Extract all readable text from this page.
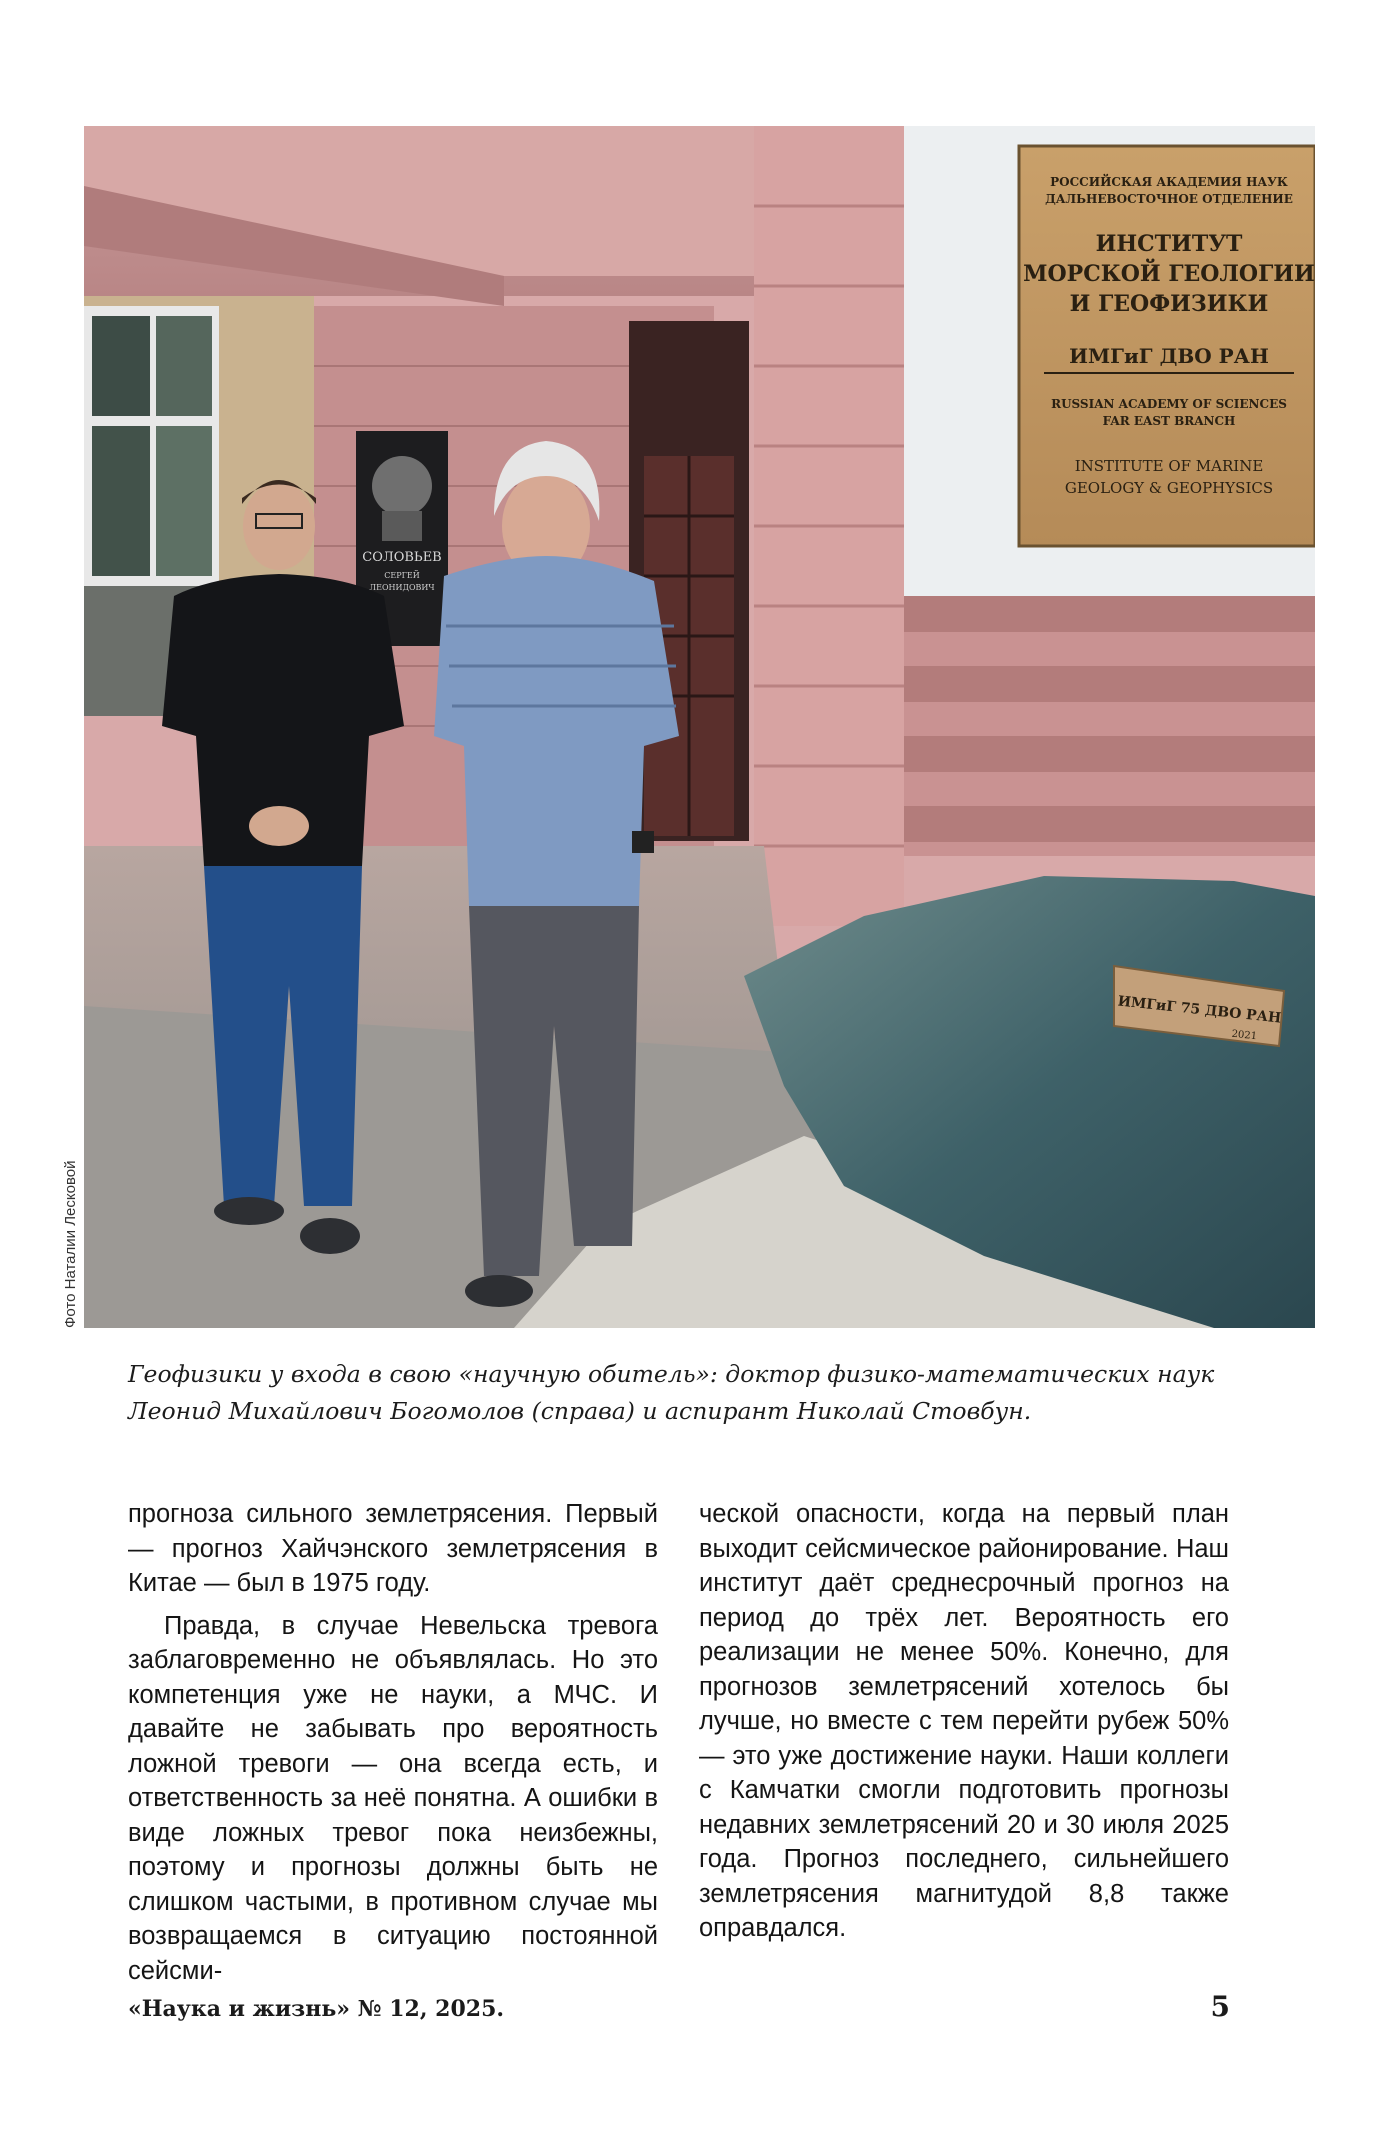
СОЛОВЬЕВ
СЕРГЕЙ
ЛЕОНИДОВИЧ
РОССИЙСКАЯ АКАДЕМИЯ НАУК
ДАЛЬНЕВОСТОЧНОЕ ОТДЕЛЕНИЕ
ИНСТИТУТ
МОРСКОЙ ГЕОЛОГИИ
И ГЕОФИЗИКИ
ИМГиГ ДВО РАН
RUSSIAN ACADEMY OF SCIENCES
FAR EAST BRANCH
INSTITUTE OF MARINE
GEOLOGY & GEOPHYSICS
ИМГиГ 75 ДВО РАН
2021
Фото Наталии Лесковой
Геофизики у входа в свою «научную обитель»: доктор физико-математических наук Леонид Михайлович Богомолов (справа) и аспирант Николай Стовбун.

прогноза сильного землетрясения. Первый — прогноз Хайчэнского землетрясения в Китае — был в 1975 году.

Правда, в случае Невельска тревога заблаговременно не объявлялась. Но это компетенция уже не науки, а МЧС. И давайте не забывать про вероятность ложной тревоги — она всегда есть, и ответственность за неё понятна. А ошибки в виде ложных тревог пока неизбежны, поэтому и прогнозы должны быть не слишком частыми, в противном случае мы возвращаемся в ситуацию постоянной сейсми-

ческой опасности, когда на первый план выходит сейсмическое районирование. Наш институт даёт среднесрочный прогноз на период до трёх лет. Вероятность его реализации не менее 50%. Конечно, для прогнозов землетрясений хотелось бы лучше, но вместе с тем перейти рубеж 50% — это уже достижение науки. Наши коллеги с Камчатки смогли подготовить прогнозы недавних землетрясений 20 и 30 июля 2025 года. Прогноз последнего, сильнейшего землетрясения магнитудой 8,8 также оправдался.

«Наука и жизнь» № 12, 2025.	5
